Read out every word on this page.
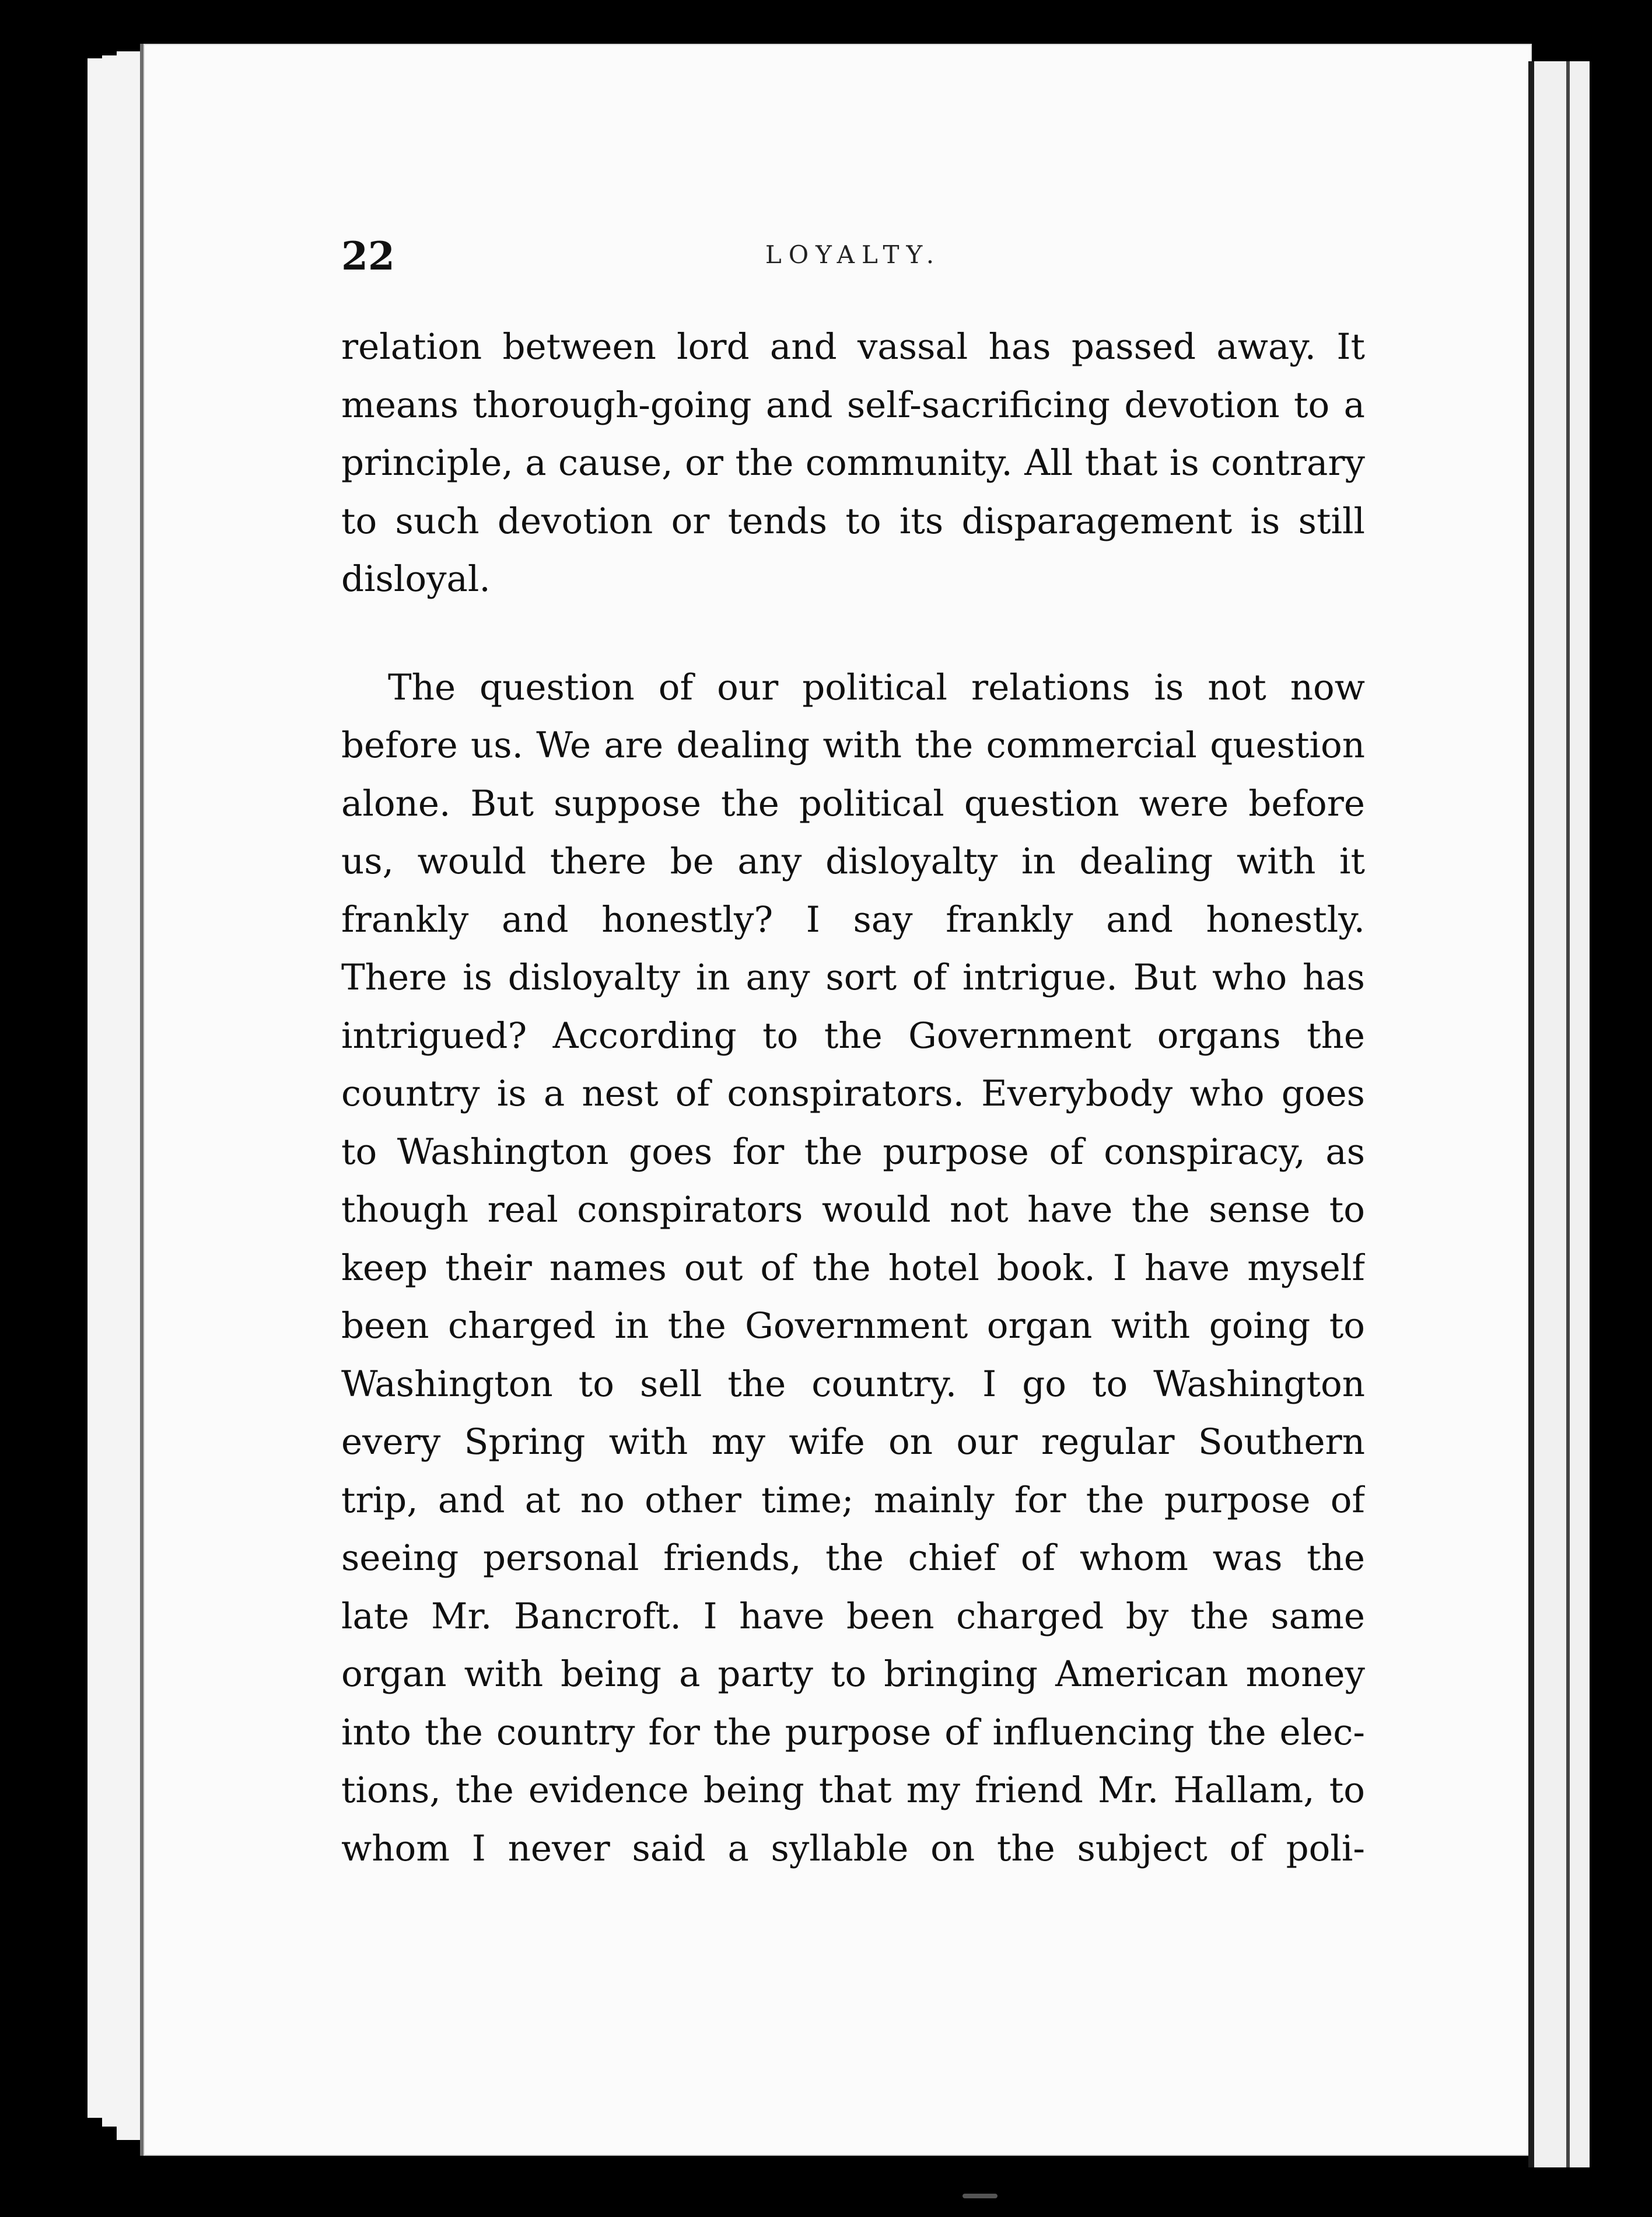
22	LOYALTY.
relation between lord and vassal has passed away. It
means thorough-going and self-sacrificing devotion to a
principle, a cause, or the community. All that is contrary
to such devotion or tends to its disparagement is still
disloyal.
The question of our political relations is not now
before us. We are dealing with the commercial question
alone. But suppose the political question were before
us, would there be any disloyalty in dealing with it
frankly and honestly? I say frankly and honestly.
There is disloyalty in any sort of intrigue. But who has
intrigued? According to the Government organs the
country is a nest of conspirators. Everybody who goes
to Washington goes for the purpose of conspiracy, as
though real conspirators would not have the sense to
keep their names out of the hotel book. I have myself
been charged in the Government organ with going to
Washington to sell the country. I go to Washington
every Spring with my wife on our regular Southern
trip, and at no other time; mainly for the purpose of
seeing personal friends, the chief of whom was the
late Mr. Bancroft. I have been charged by the same
organ with being a party to bringing American money
into the country for the purpose of influencing the elec-
tions, the evidence being that my friend Mr. Hallam, to
whom I never said a syllable on the subject of poli-
